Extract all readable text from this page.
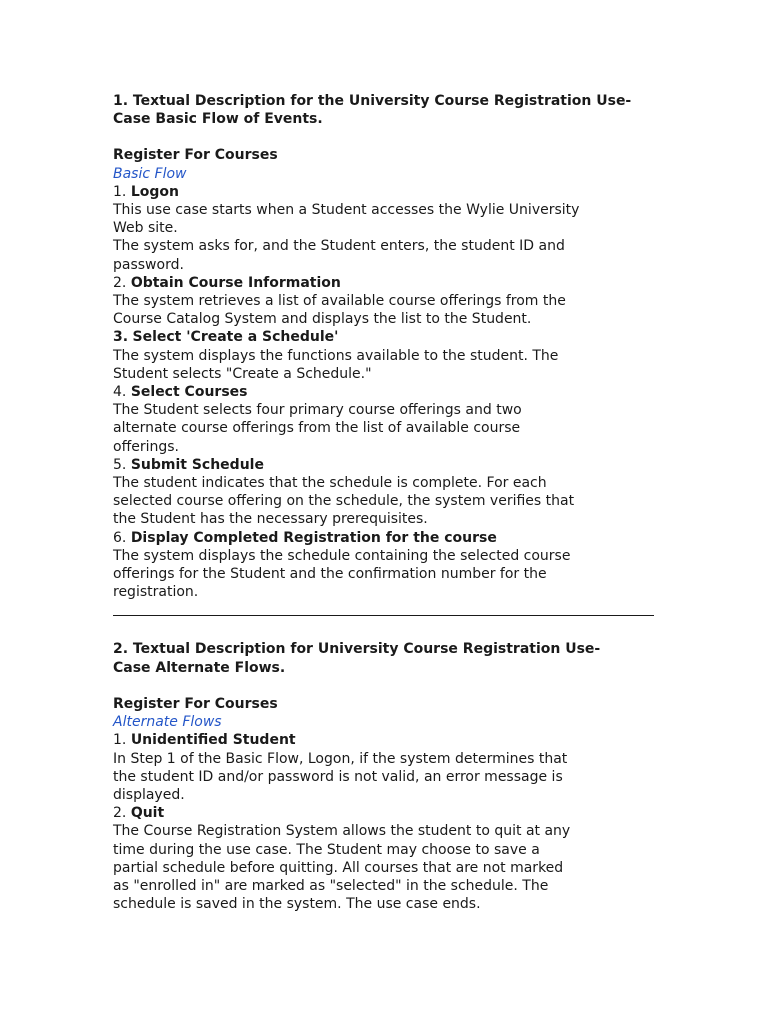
1. Textual Description for the University Course Registration Use-Case Basic Flow of Events.

Register For Courses

Basic Flow

1. Logon

This use case starts when a Student accesses the Wylie University Web site.

The system asks for, and the Student enters, the student ID and password.

2. Obtain Course Information

The system retrieves a list of available course offerings from the Course Catalog System and displays the list to the Student.

3. Select 'Create a Schedule'

The system displays the functions available to the student. The Student selects "Create a Schedule."

4. Select Courses

The Student selects four primary course offerings and two alternate course offerings from the list of available course offerings.

5. Submit Schedule

The student indicates that the schedule is complete. For each selected course offering on the schedule, the system verifies that the Student has the necessary prerequisites.

6. Display Completed Registration for the course

The system displays the schedule containing the selected course offerings for the Student and the confirmation number for the registration.

2. Textual Description for University Course Registration Use-Case Alternate Flows.

Register For Courses

Alternate Flows

1. Unidentified Student

In Step 1 of the Basic Flow, Logon, if the system determines that the student ID and/or password is not valid, an error message is displayed.

2. Quit

The Course Registration System allows the student to quit at any time during the use case. The Student may choose to save a partial schedule before quitting. All courses that are not marked as "enrolled in" are marked as "selected" in the schedule. The schedule is saved in the system. The use case ends.
